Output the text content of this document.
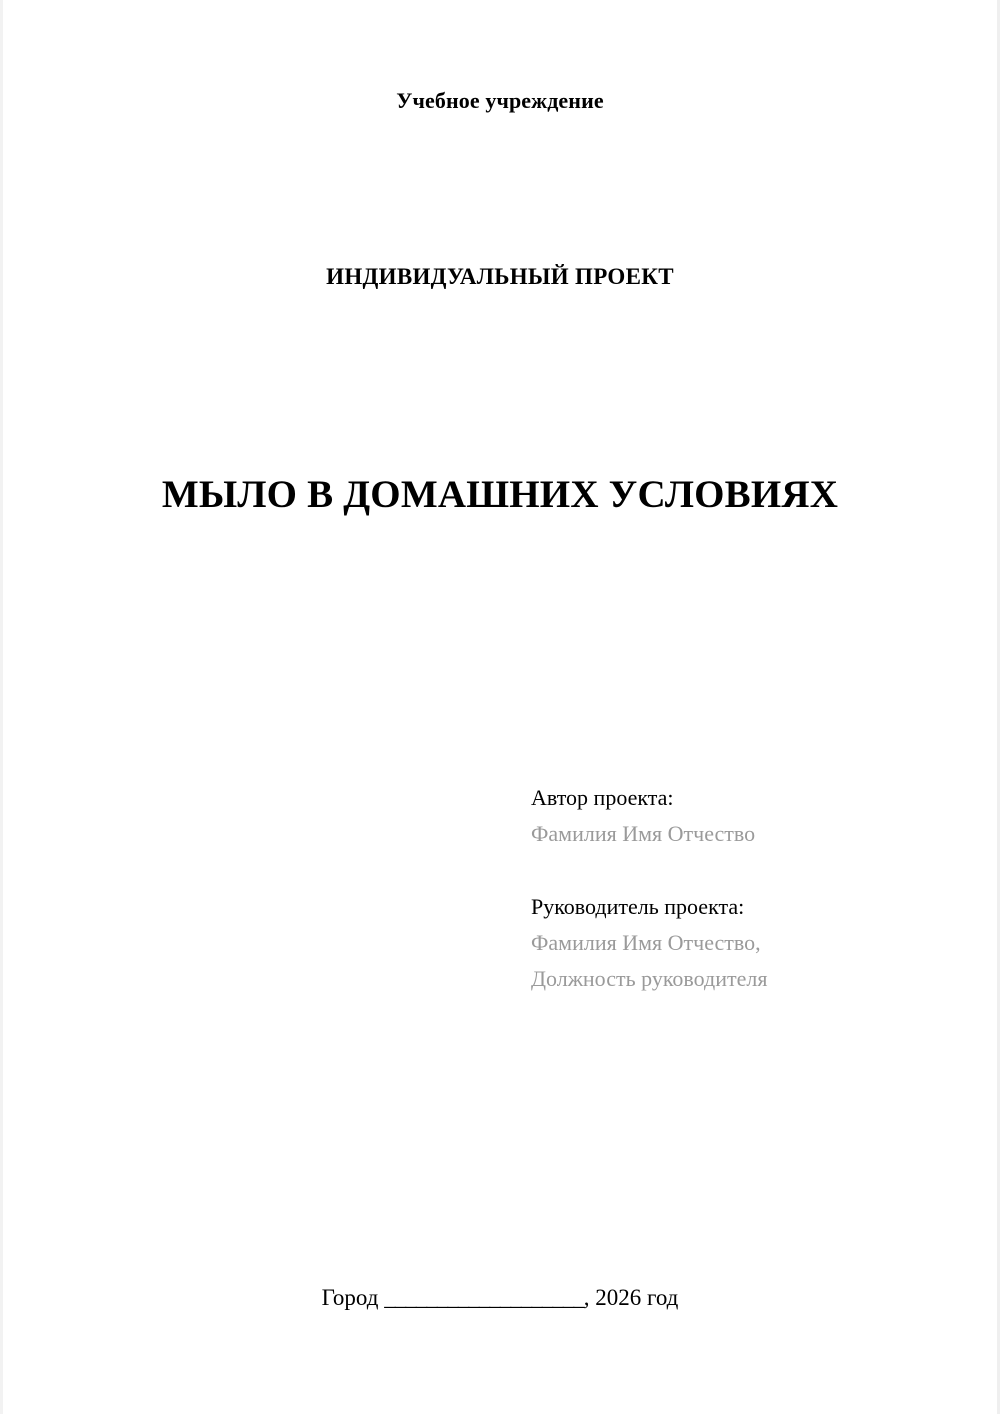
Учебное учреждение
ИНДИВИДУАЛЬНЫЙ ПРОЕКТ
МЫЛО В ДОМАШНИХ УСЛОВИЯХ
Автор проекта:
Фамилия Имя Отчество
Руководитель проекта:
Фамилия Имя Отчество,
Должность руководителя
Город ___________________, 2026 год
